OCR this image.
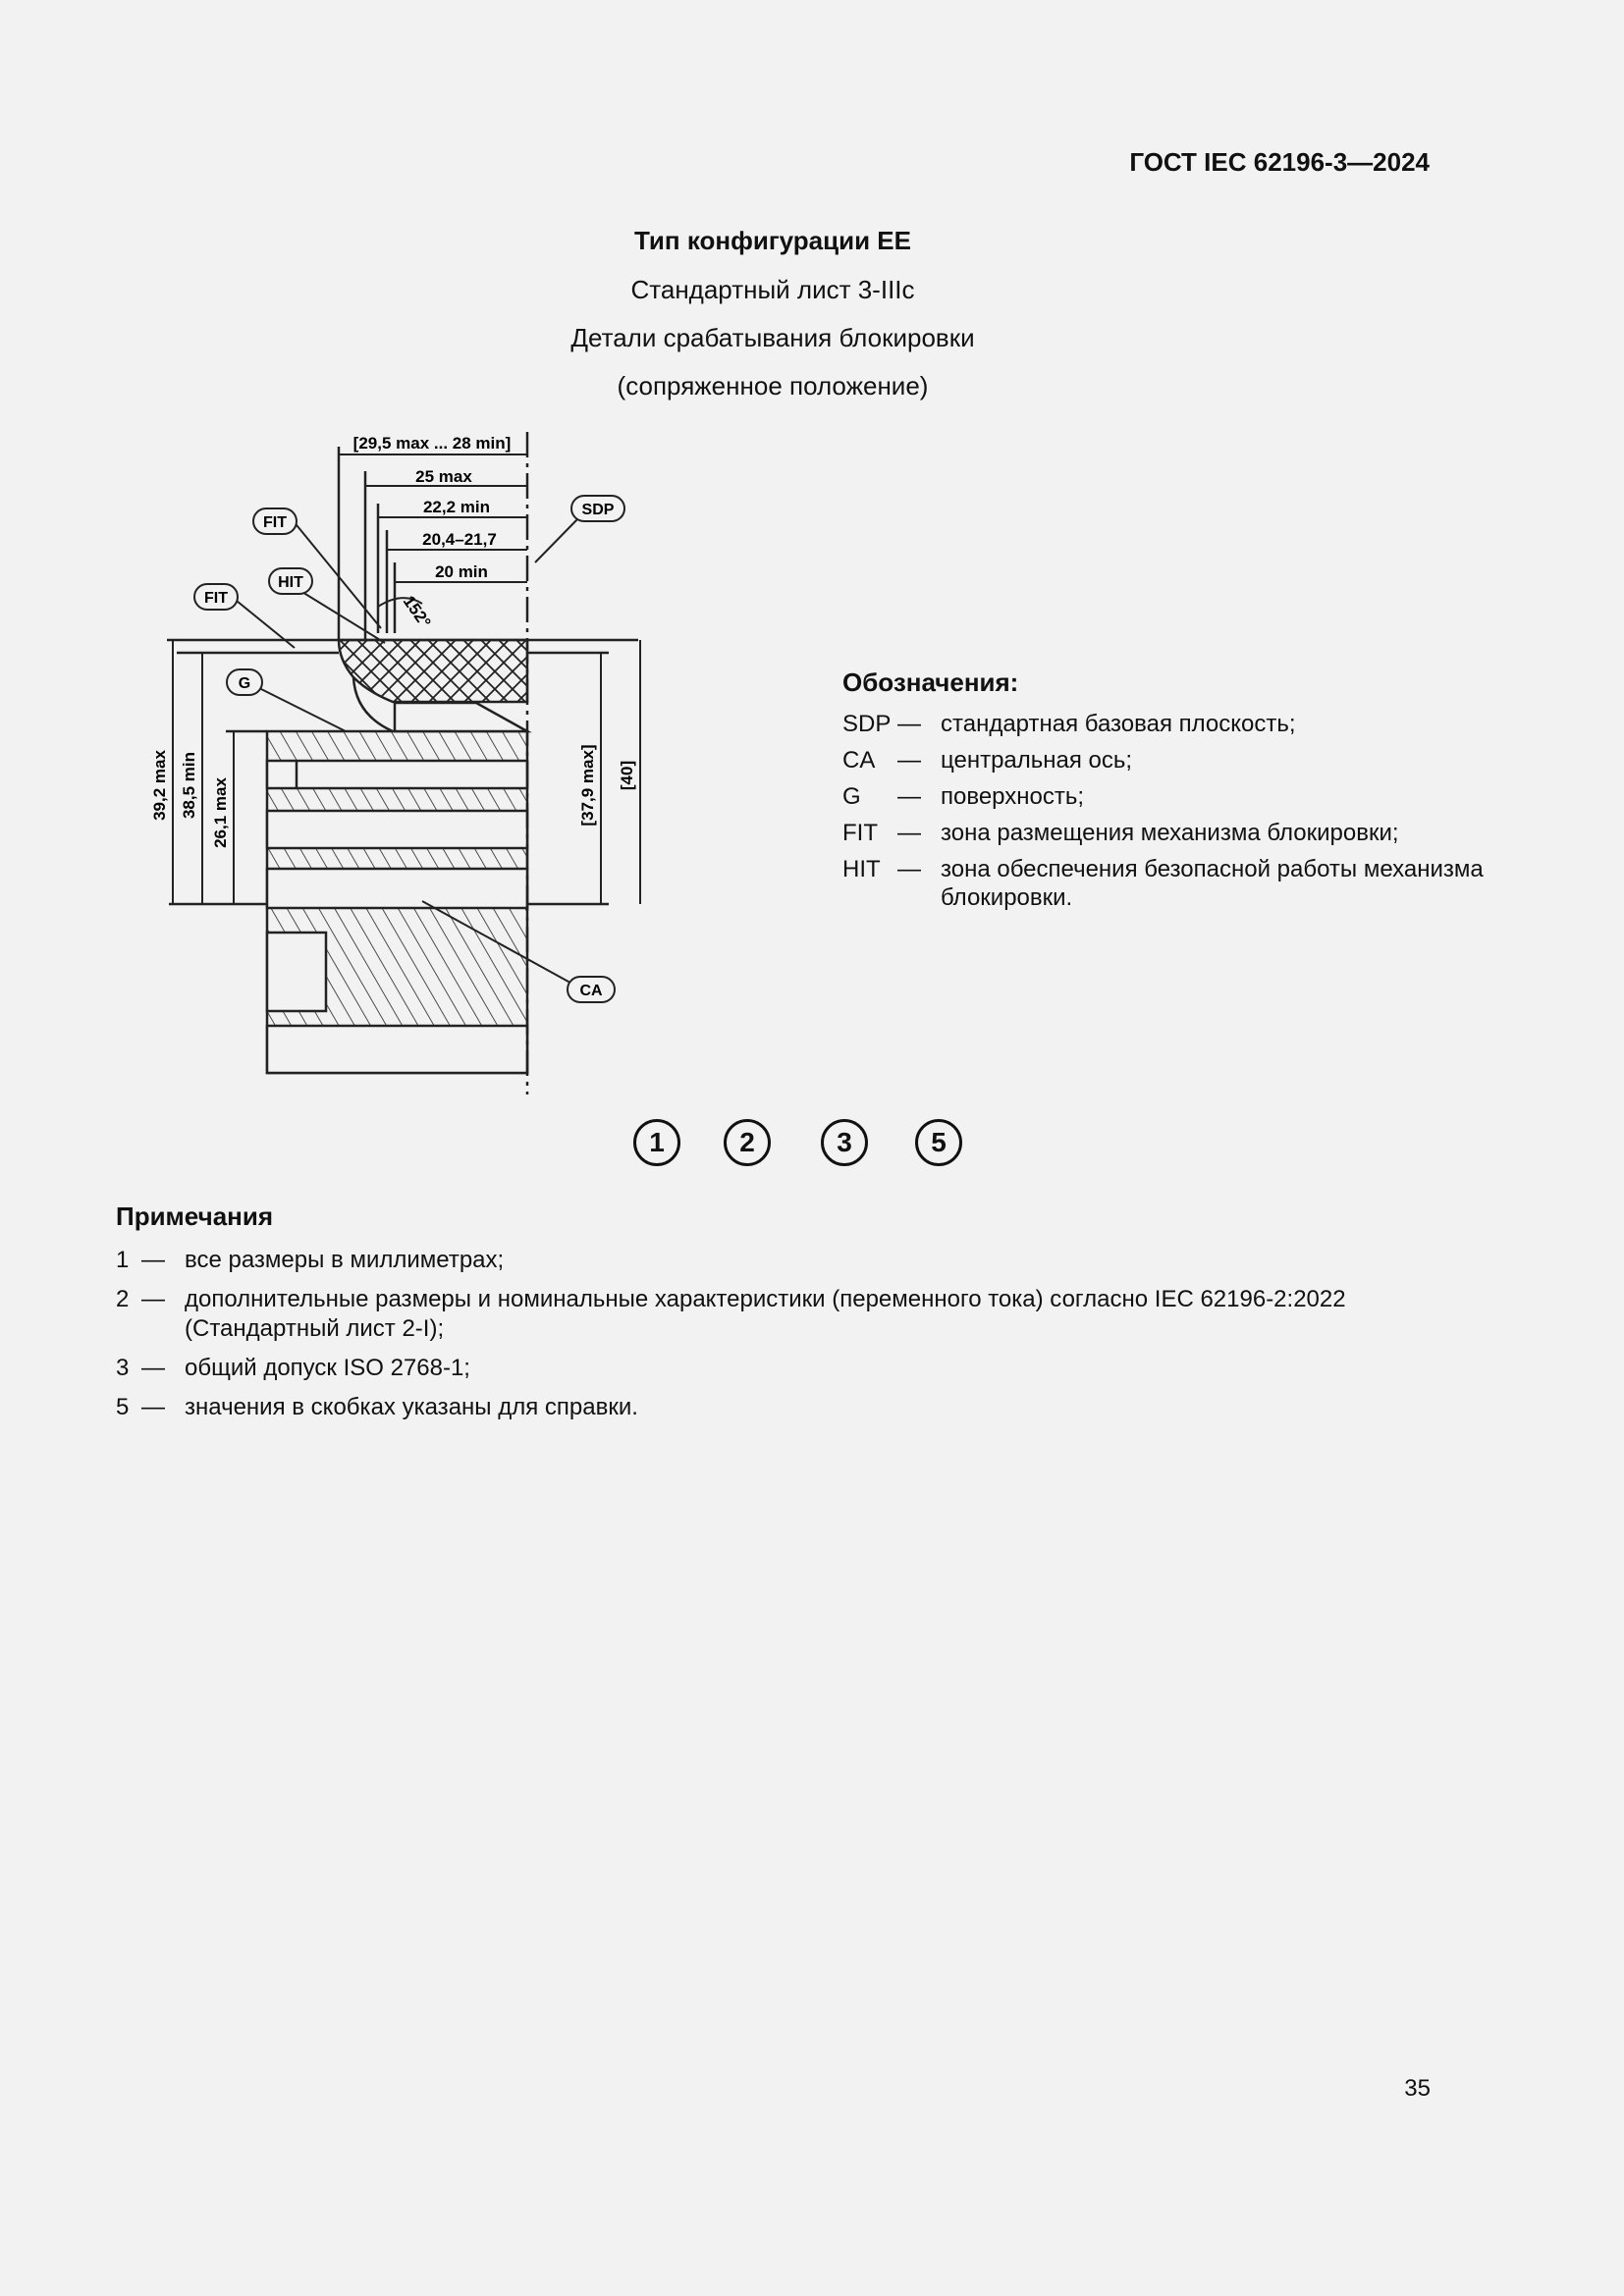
ГОСТ IEC 62196-3—2024
Тип конфигурации ЕЕ
Стандартный лист 3-IIIc
Детали срабатывания блокировки
(сопряженное положение)
FIT
FIT
HIT
SDP
G
CA
[29,5 max ... 28 min]
25 max
22,2 min
20,4–21,7
20 min
152°
39,2 max 38,5 min 26,1 max	[37,9 max] [40]
Обозначения:
SDP — стандартная базовая плоскость;
CA — центральная ось;
G	— поверхность;
FIT — зона размещения механизма блокировки;
HIT — зона обеспечения безопасной работы механизма блокировки.
1	2	3	5
Примечания
1 — все размеры в миллиметрах;
2 — дополнительные размеры и номинальные характеристики (переменного тока) согласно IEC 62196-2:2022 (Стандартный лист 2-I);
3 — общий допуск ISO 2768-1;
5 — значения в скобках указаны для справки.
35
